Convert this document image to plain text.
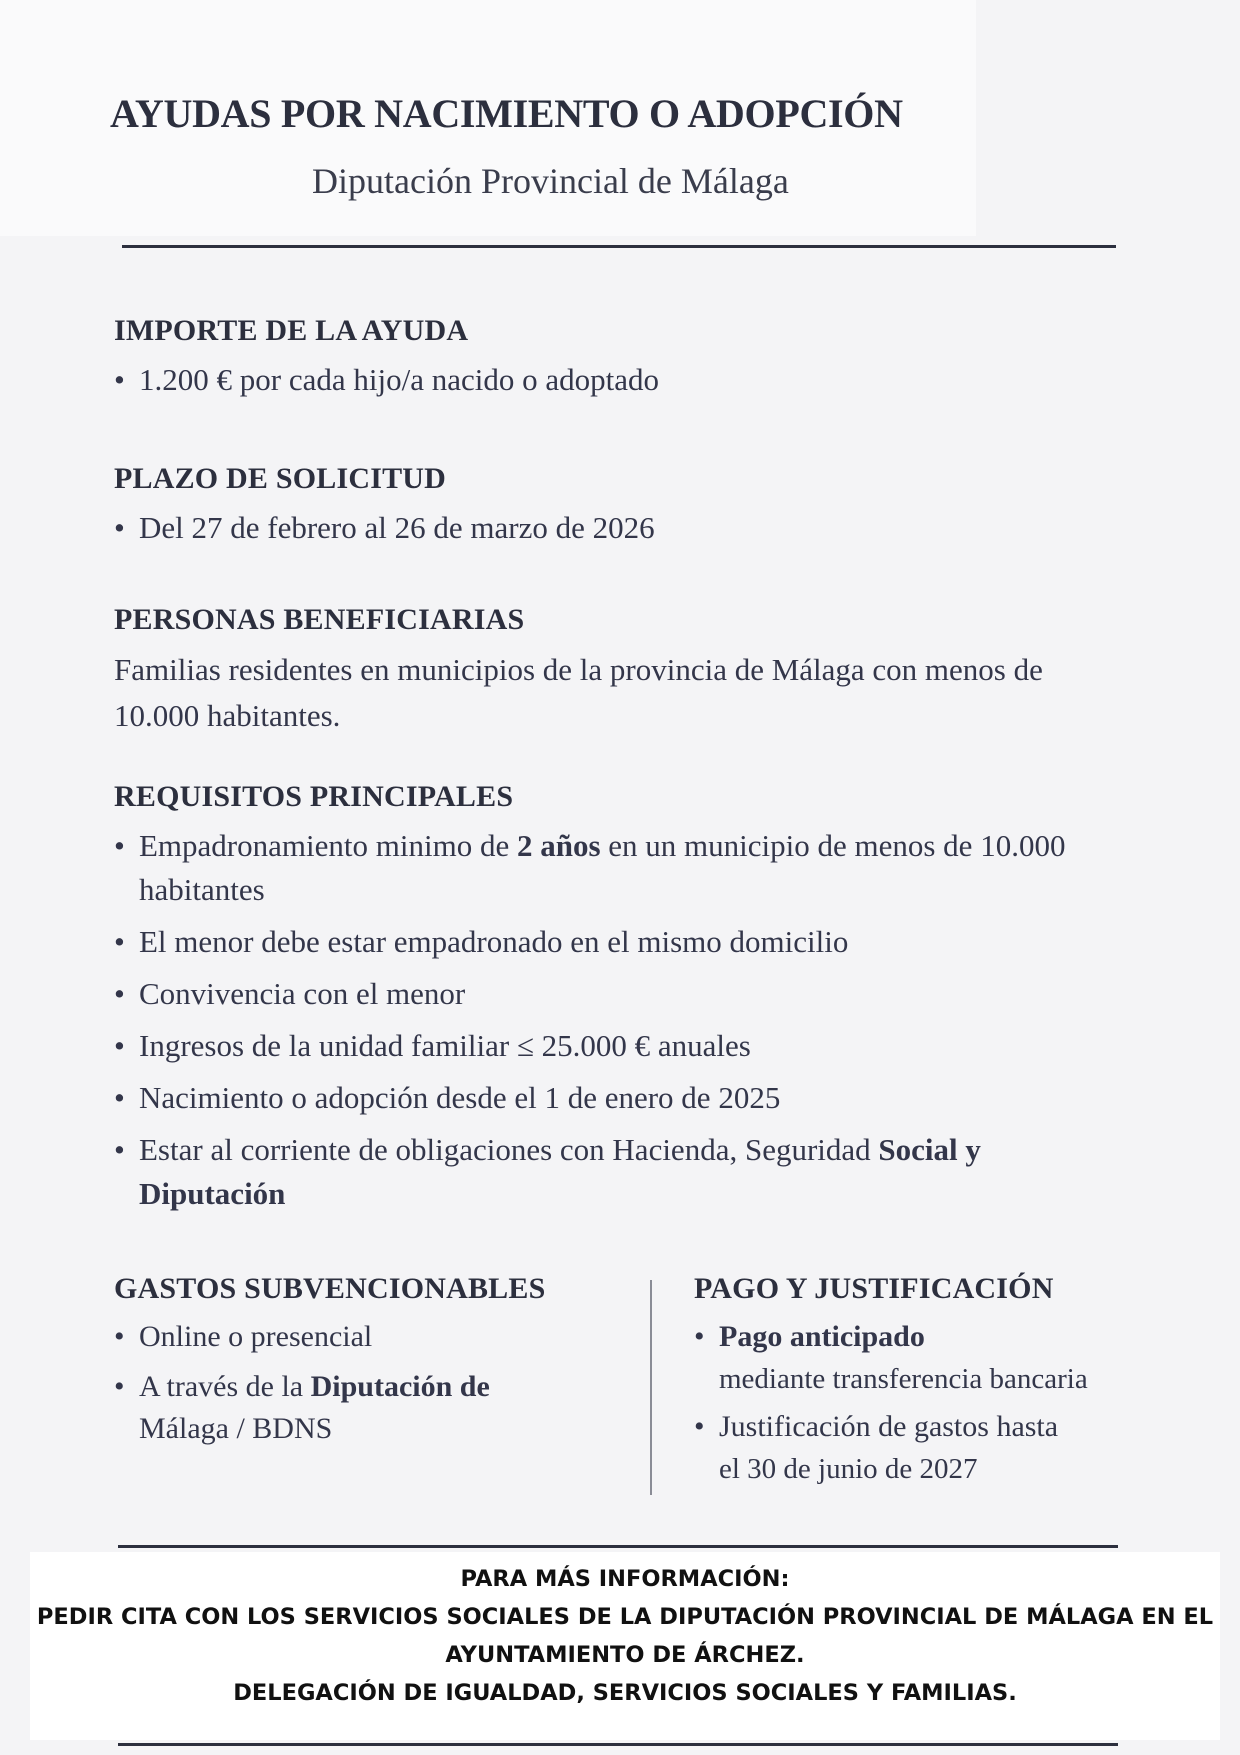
AYUDAS POR NACIMIENTO O ADOPCIÓN
Diputación Provincial de Málaga
IMPORTE DE LA AYUDA
• 1.200 € por cada hijo/a nacido o adoptado
PLAZO DE SOLICITUD
• Del 27 de febrero al 26 de marzo de 2026
PERSONAS BENEFICIARIAS

Familias residentes en municipios de la provincia de Málaga con menos de 10.000 habitantes.

REQUISITOS PRINCIPALES
• Empadronamiento minimo de 2 años en un municipio de menos de 10.000 habitantes
• El menor debe estar empadronado en el mismo domicilio
• Convivencia con el menor
• Ingresos de la unidad familiar ≤ 25.000 € anuales
• Nacimiento o adopción desde el 1 de enero de 2025
• Estar al corriente de obligaciones con Hacienda, Seguridad Social y Diputación
GASTOS SUBVENCIONABLES
• Online o presencial
• A través de la Diputación de
Málaga / BDNS
PAGO Y JUSTIFICACIÓN
• Pago anticipado
mediante transferencia bancaria
• Justificación de gastos hasta
el 30 de junio de 2027
PARA MÁS INFORMACIÓN:
PEDIR CITA CON LOS SERVICIOS SOCIALES DE LA DIPUTACIÓN PROVINCIAL DE MÁLAGA EN EL
AYUNTAMIENTO DE ÁRCHEZ.
DELEGACIÓN DE IGUALDAD, SERVICIOS SOCIALES Y FAMILIAS.
